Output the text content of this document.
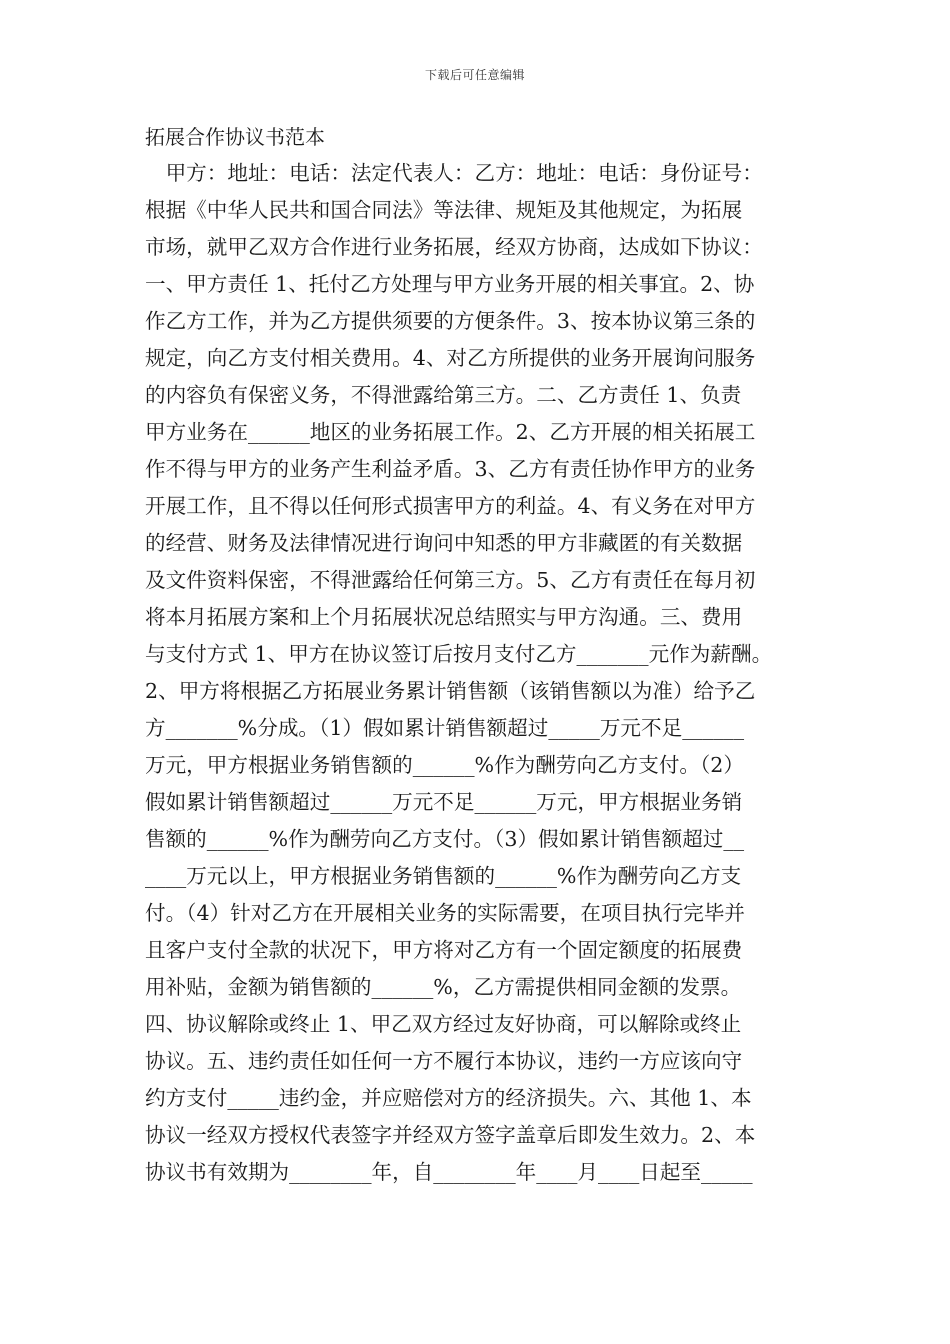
下载后可任意编辑
拓展合作协议书范本
　甲方：地址：电话：法定代表人：乙方：地址：电话：身份证号：
根据《中华人民共和国合同法》等法律、规矩及其他规定，为拓展
市场，就甲乙双方合作进行业务拓展，经双方协商，达成如下协议：
一、甲方责任 1、托付乙方处理与甲方业务开展的相关事宜。2、协
作乙方工作，并为乙方提供须要的方便条件。3、按本协议第三条的
规定，向乙方支付相关费用。4、对乙方所提供的业务开展询问服务
的内容负有保密义务，不得泄露给第三方。二、乙方责任 1、负责
甲方业务在______地区的业务拓展工作。2、乙方开展的相关拓展工
作不得与甲方的业务产生利益矛盾。3、乙方有责任协作甲方的业务
开展工作，且不得以任何形式损害甲方的利益。4、有义务在对甲方
的经营、财务及法律情况进行询问中知悉的甲方非藏匿的有关数据
及文件资料保密，不得泄露给任何第三方。5、乙方有责任在每月初
将本月拓展方案和上个月拓展状况总结照实与甲方沟通。三、费用
与支付方式 1、甲方在协议签订后按月支付乙方_______元作为薪酬。
2、甲方将根据乙方拓展业务累计销售额（该销售额以为准）给予乙
方_______%分成。（1）假如累计销售额超过_____万元不足______
万元，甲方根据业务销售额的______%作为酬劳向乙方支付。（2）
假如累计销售额超过______万元不足______万元，甲方根据业务销
售额的______%作为酬劳向乙方支付。（3）假如累计销售额超过__
____万元以上，甲方根据业务销售额的______%作为酬劳向乙方支
付。（4）针对乙方在开展相关业务的实际需要，在项目执行完毕并
且客户支付全款的状况下，甲方将对乙方有一个固定额度的拓展费
用补贴，金额为销售额的______%，乙方需提供相同金额的发票。
四、协议解除或终止 1、甲乙双方经过友好协商，可以解除或终止
协议。五、违约责任如任何一方不履行本协议，违约一方应该向守
约方支付_____违约金，并应赔偿对方的经济损失。六、其他 1、本
协议一经双方授权代表签字并经双方签字盖章后即发生效力。2、本
协议书有效期为________年，自________年____月____日起至_____
